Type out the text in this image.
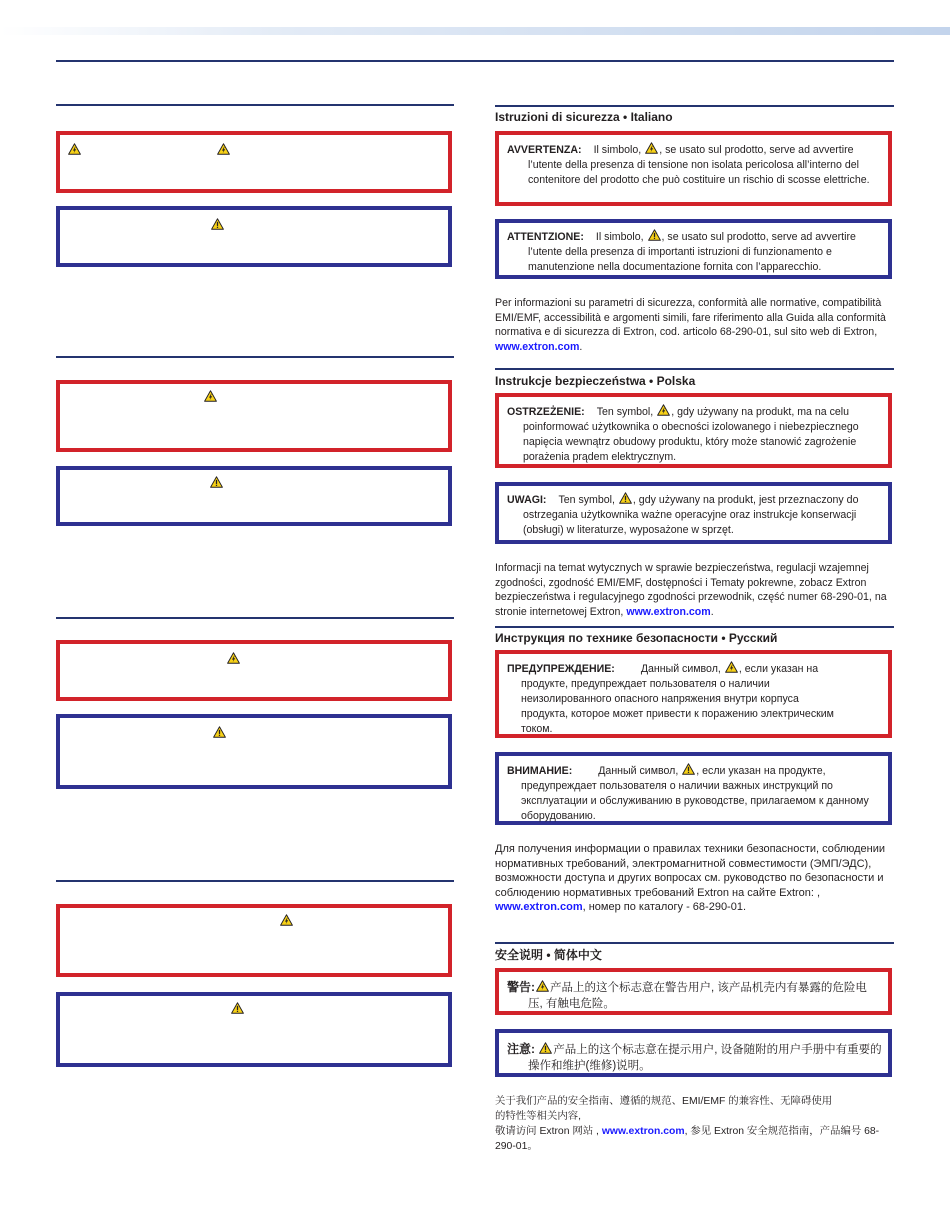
Istruzioni di sicurezza • Italiano
AVVERTENZA: Il simbolo, , se usato sul prodotto, serve ad avvertire l’utente della presenza di tensione non isolata pericolosa all’interno del contenitore del prodotto che può costituire un rischio di scosse elettriche.
ATTENTZIONE: Il simbolo, , se usato sul prodotto, serve ad avvertire l’utente della presenza di importanti istruzioni di funzionamento e manutenzione nella documentazione fornita con l’apparecchio.
Per informazioni su parametri di sicurezza, conformità alle normative, compatibilità EMI/EMF, accessibilità e argomenti simili, fare riferimento alla Guida alla conformità normativa e di sicurezza di Extron, cod. articolo 68-290-01, sul sito web di Extron, www.extron.com.
Instrukcje bezpieczeństwa • Polska
OSTRZEŻENIE: Ten symbol, , gdy używany na produkt, ma na celu poinformować użytkownika o obecności izolowanego i niebezpiecznego napięcia wewnątrz obudowy produktu, który może stanowić zagrożenie porażenia prądem elektrycznym.
UWAGI: Ten symbol, , gdy używany na produkt, jest przeznaczony do ostrzegania użytkownika ważne operacyjne oraz instrukcje konserwacji (obsługi) w literaturze, wyposażone w sprzęt.
Informacji na temat wytycznych w sprawie bezpieczeństwa, regulacji wzajemnej zgodności, zgodność EMI/EMF, dostępności i Tematy pokrewne, zobacz Extron bezpieczeństwa i regulacyjnego zgodności przewodnik, część numer 68-290-01, na stronie internetowej Extron, www.extron.com.
Инструкция по технике безопасности • Русский
ПРЕДУПРЕЖДЕНИЕ: Данный символ, , если указан на продукте, предупреждает пользователя о наличии неизолированного опасного напряжения внутри корпуса продукта, которое может привести к поражению электрическим током.
ВНИМАНИЕ: Данный символ, , если указан на продукте, предупреждает пользователя о наличии важных инструкций по эксплуатации и обслуживанию в руководстве, прилагаемом к данному оборудованию.
Для получения информации о правилах техники безопасности, соблюдении нормативных требований, электромагнитной совместимости (ЭМП/ЭДС), возможности доступа и других вопросах см. руководство по безопасности и соблюдению нормативных требований Extron на сайте Extron: , www.extron.com, номер по каталогу - 68-290-01.
安全说明 • 简体中文
警告: 产品上的这个标志意在警告用户, 该产品机壳内有暴露的危险电压, 有触电危险。
注意: 产品上的这个标志意在提示用户, 设备随附的用户手册中有重要的操作和维护(维修)说明。
关于我们产品的安全指南、遵循的规范、EMI/EMF 的兼容性、无障碍使用的特性等相关内容,
敬请访问 Extron 网站 , www.extron.com, 参见 Extron 安全规范指南，产品编号 68-290-01。
